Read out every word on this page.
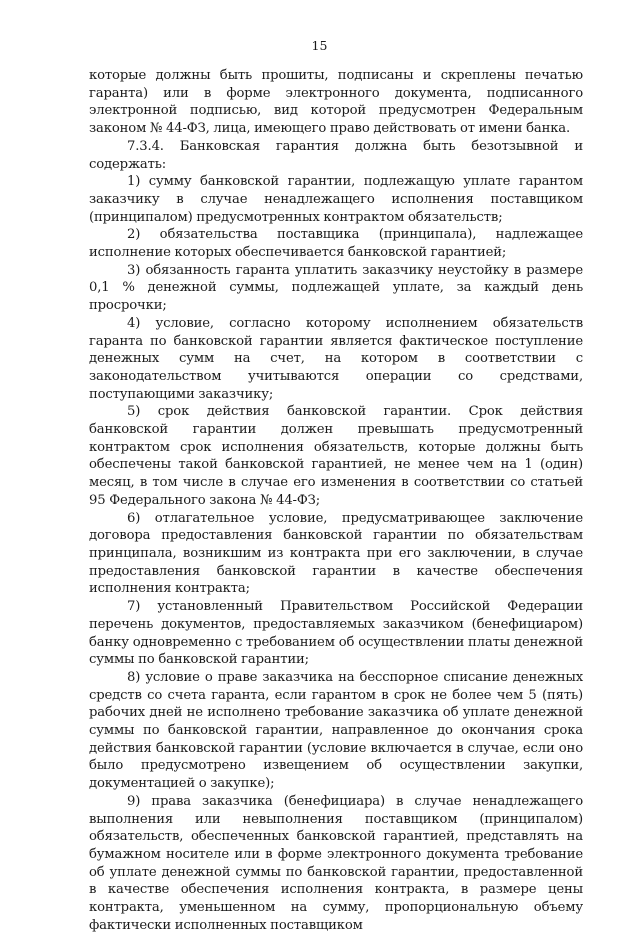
15

которые должны быть прошиты, подписаны и скреплены печатью гаранта) или в форме электронного документа, подписанного электронной подписью, вид которой предусмотрен Федеральным законом № 44-ФЗ, лица, имеющего право действовать от имени банка.

7.3.4. Банковская гарантия должна быть безотзывной и содержать:

1) сумму банковской гарантии, подлежащую уплате гарантом заказчику в случае ненадлежащего исполнения поставщиком (принципалом) предусмотренных контрактом обязательств;

2) обязательства поставщика (принципала), надлежащее исполнение которых обеспечивается банковской гарантией;

3) обязанность гаранта уплатить заказчику неустойку в размере 0,1 % денежной суммы, подлежащей уплате, за каждый день просрочки;

4) условие, согласно которому исполнением обязательств гаранта по банковской гарантии является фактическое поступление денежных сумм на счет, на котором в соответствии с законодательством учитываются операции со средствами, поступающими заказчику;

5) срок действия банковской гарантии. Срок действия банковской гарантии должен превышать предусмотренный контрактом срок исполнения обязательств, которые должны быть обеспечены такой банковской гарантией, не менее чем на 1 (один) месяц, в том числе в случае его изменения в соответствии со статьей 95 Федерального закона № 44-ФЗ;

6) отлагательное условие, предусматривающее заключение договора предоставления банковской гарантии по обязательствам принципала, возникшим из контракта при его заключении, в случае предоставления банковской гарантии в качестве обеспечения исполнения контракта;

7) установленный Правительством Российской Федерации перечень документов, предоставляемых заказчиком (бенефициаром) банку одновременно с требованием об осуществлении платы денежной суммы по банковской гарантии;

8) условие о праве заказчика на бесспорное списание денежных средств со счета гаранта, если гарантом в срок не более чем 5 (пять) рабочих дней не исполнено требование заказчика об уплате денежной суммы по банковской гарантии, направленное до окончания срока действия банковской гарантии (условие включается в случае, если оно было предусмотрено извещением об осуществлении закупки, документацией о закупке);

9) права заказчика (бенефициара) в случае ненадлежащего выполнения или невыполнения поставщиком (принципалом) обязательств, обеспеченных банковской гарантией, представлять на бумажном носителе или в форме электронного документа требование об уплате денежной суммы по банковской гарантии, предоставленной в качестве обеспечения исполнения контракта, в размере цены контракта, уменьшенном на сумму, пропорциональную объему фактически исполненных поставщиком
